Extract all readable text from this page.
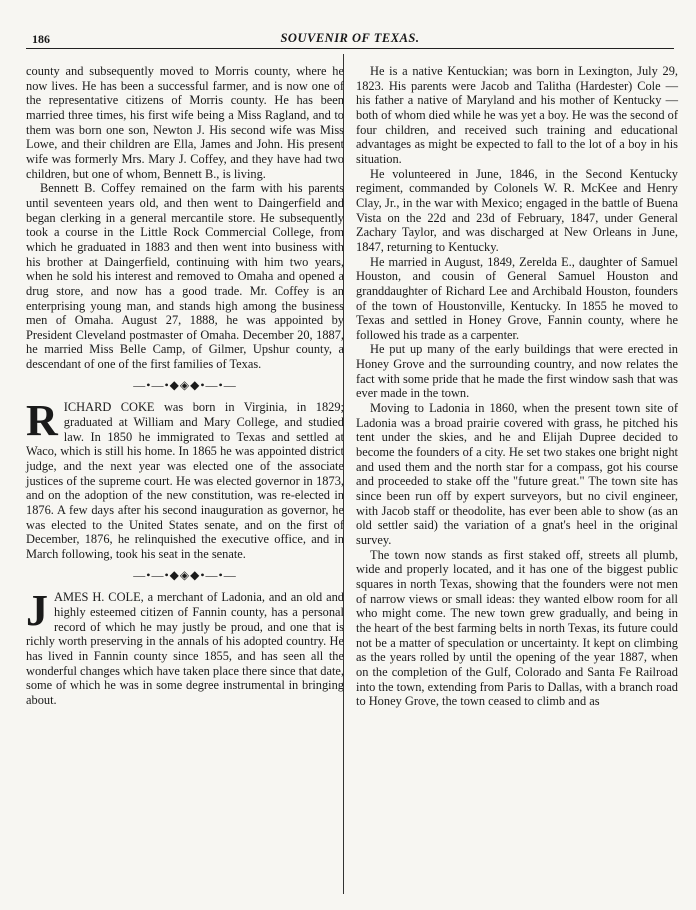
186	SOUVENIR OF TEXAS.

county and subsequently moved to Morris county, where he now lives. He has been a successful farmer, and is now one of the representative citizens of Morris county. He has been married three times, his first wife being a Miss Ragland, and to them was born one son, Newton J. His second wife was Miss Lowe, and their children are Ella, James and John. His present wife was formerly Mrs. Mary J. Coffey, and they have had two children, but one of whom, Bennett B., is living.

Bennett B. Coffey remained on the farm with his parents until seventeen years old, and then went to Daingerfield and began clerking in a general mercantile store. He subsequently took a course in the Little Rock Commercial College, from which he graduated in 1883 and then went into business with his brother at Daingerfield, continuing with him two years, when he sold his interest and removed to Omaha and opened a drug store, and now has a good trade. Mr. Coffey is an enterprising young man, and stands high among the business men of Omaha. August 27, 1888, he was appointed by President Cleveland postmaster of Omaha. December 20, 1887, he married Miss Belle Camp, of Gilmer, Upshur county, a descendant of one of the first families of Texas.

—•—•◆◈◆•—•—

RICHARD COKE was born in Virginia, in 1829; graduated at William and Mary College, and studied law. In 1850 he immigrated to Texas and settled at Waco, which is still his home. In 1865 he was appointed district judge, and the next year was elected one of the associate justices of the supreme court. He was elected governor in 1873, and on the adoption of the new constitution, was re-elected in 1876. A few days after his second inauguration as governor, he was elected to the United States senate, and on the first of December, 1876, he relinquished the executive office, and in March following, took his seat in the senate.

—•—•◆◈◆•—•—

JAMES H. COLE, a merchant of Ladonia, and an old and highly esteemed citizen of Fannin county, has a personal record of which he may justly be proud, and one that is richly worth preserving in the annals of his adopted country. He has lived in Fannin county since 1855, and has seen all the wonderful changes which have taken place there since that date, some of which he was in some degree instrumental in bringing about.

He is a native Kentuckian; was born in Lexington, July 29, 1823. His parents were Jacob and Talitha (Hardester) Cole — his father a native of Maryland and his mother of Kentucky — both of whom died while he was yet a boy. He was the second of four children, and received such training and educational advantages as might be expected to fall to the lot of a boy in his situation.

He volunteered in June, 1846, in the Second Kentucky regiment, commanded by Colonels W. R. McKee and Henry Clay, Jr., in the war with Mexico; engaged in the battle of Buena Vista on the 22d and 23d of February, 1847, under General Zachary Taylor, and was discharged at New Orleans in June, 1847, returning to Kentucky.

He married in August, 1849, Zerelda E., daughter of Samuel Houston, and cousin of General Samuel Houston and granddaughter of Richard Lee and Archibald Houston, founders of the town of Houstonville, Kentucky. In 1855 he moved to Texas and settled in Honey Grove, Fannin county, where he followed his trade as a carpenter.

He put up many of the early buildings that were erected in Honey Grove and the surrounding country, and now relates the fact with some pride that he made the first window sash that was ever made in the town.

Moving to Ladonia in 1860, when the present town site of Ladonia was a broad prairie covered with grass, he pitched his tent under the skies, and he and Elijah Dupree decided to become the founders of a city. He set two stakes one bright night and used them and the north star for a compass, got his course and proceeded to stake off the "future great." The town site has since been run off by expert surveyors, but no civil engineer, with Jacob staff or theodolite, has ever been able to show (as an old settler said) the variation of a gnat's heel in the original survey.

The town now stands as first staked off, streets all plumb, wide and properly located, and it has one of the biggest public squares in north Texas, showing that the founders were not men of narrow views or small ideas: they wanted elbow room for all who might come. The new town grew gradually, and being in the heart of the best farming belts in north Texas, its future could not be a matter of speculation or uncertainty. It kept on climbing as the years rolled by until the opening of the year 1887, when on the completion of the Gulf, Colorado and Santa Fe Railroad into the town, extending from Paris to Dallas, with a branch road to Honey Grove, the town ceased to climb and as
